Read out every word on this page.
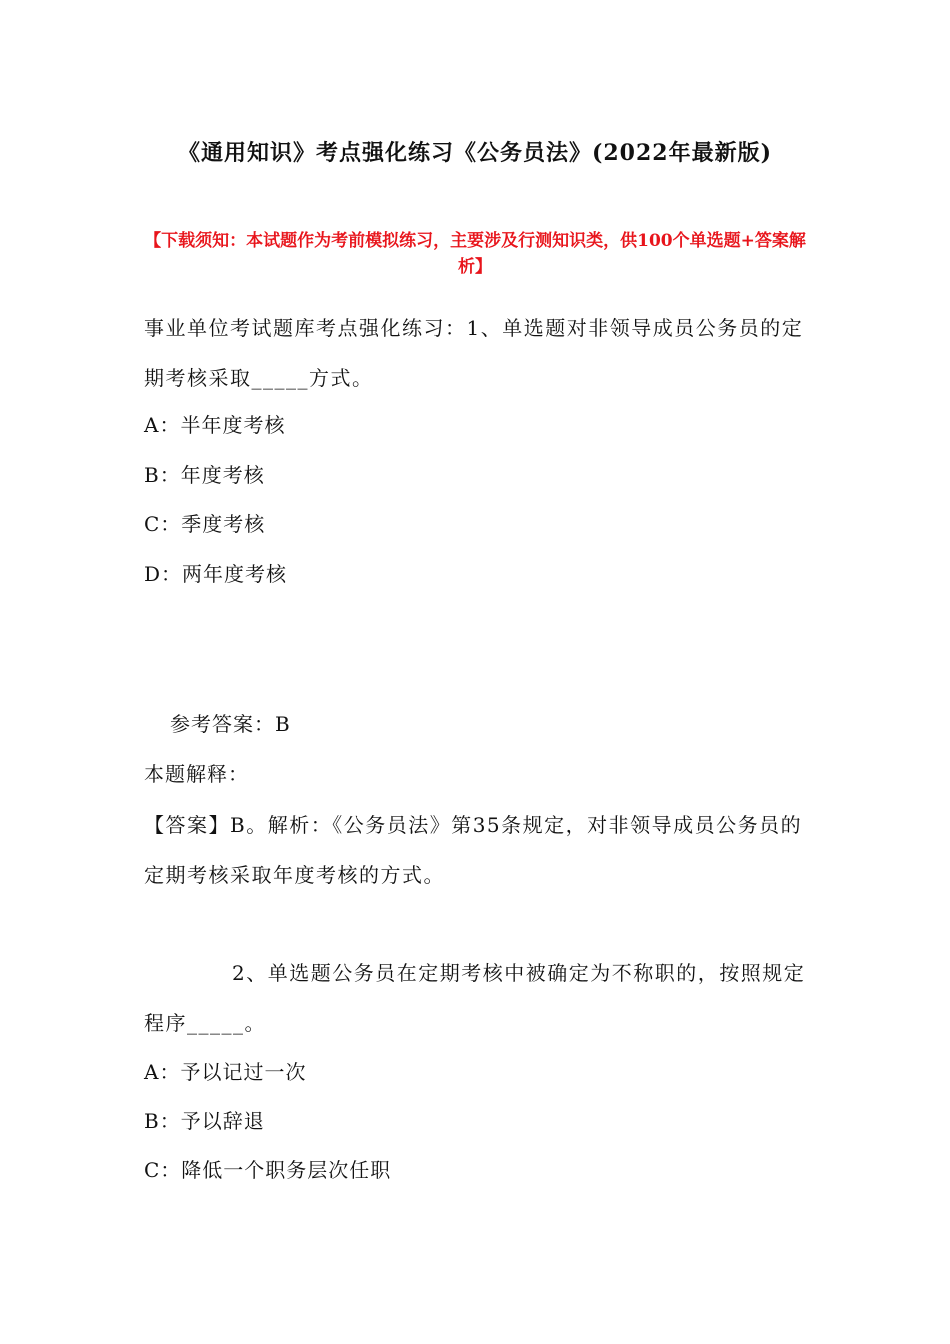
《通用知识》考点强化练习《公务员法》(2022年最新版)
【下载须知：本试题作为考前模拟练习，主要涉及行测知识类，供100个单选题+答案解析】
事业单位考试题库考点强化练习：1、单选题对非领导成员公务员的定期考核采取_____方式。
A：半年度考核
B：年度考核
C：季度考核
D：两年度考核
参考答案：B
本题解释：
【答案】B。解析：《公务员法》第35条规定，对非领导成员公务员的定期考核采取年度考核的方式。
2、单选题公务员在定期考核中被确定为不称职的，按照规定程序_____。
A：予以记过一次
B：予以辞退
C：降低一个职务层次任职
